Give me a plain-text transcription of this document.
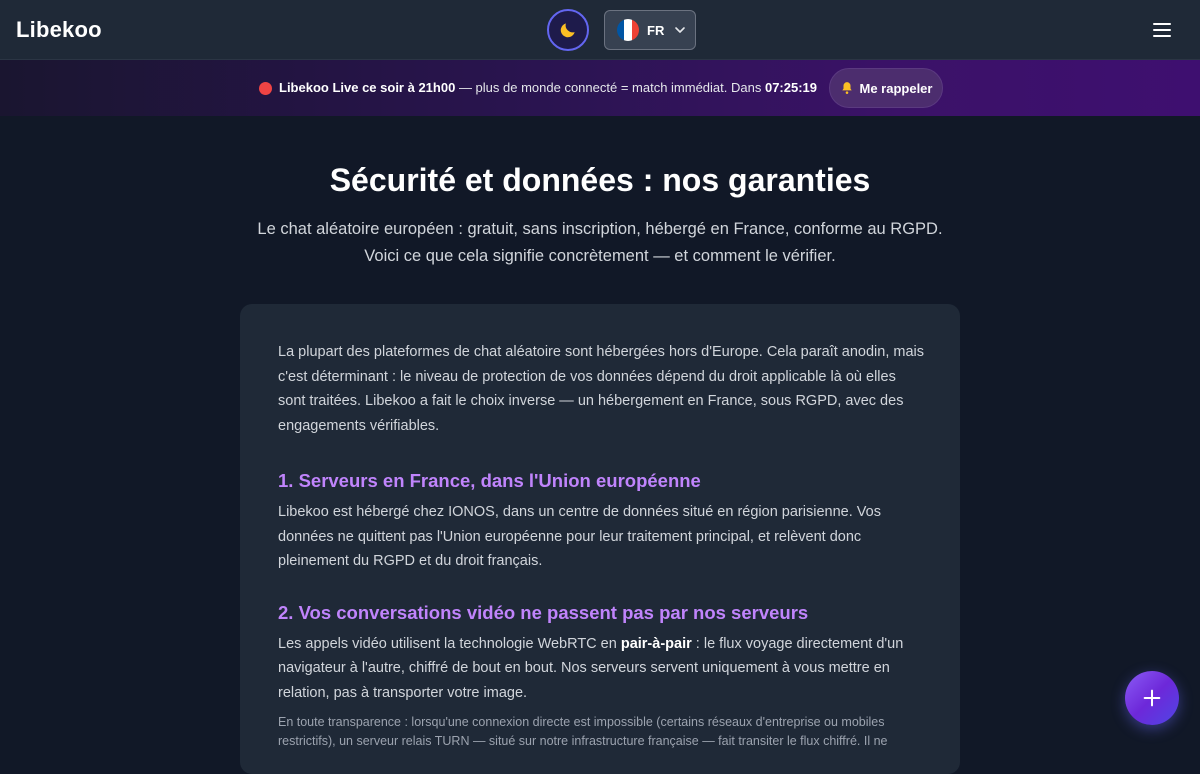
Libekoo	FR
Libekoo Live ce soir à 21h00 — plus de monde connecté = match immédiat. Dans 07:25:19	Me rappeler
Sécurité et données : nos garanties
Le chat aléatoire européen : gratuit, sans inscription, hébergé en France, conforme au RGPD.
Voici ce que cela signifie concrètement — et comment le vérifier.

La plupart des plateformes de chat aléatoire sont hébergées hors d'Europe. Cela paraît anodin, mais c'est déterminant : le niveau de protection de vos données dépend du droit applicable là où elles sont traitées. Libekoo a fait le choix inverse — un hébergement en France, sous RGPD, avec des engagements vérifiables.

1. Serveurs en France, dans l'Union européenne

Libekoo est hébergé chez IONOS, dans un centre de données situé en région parisienne. Vos données ne quittent pas l'Union européenne pour leur traitement principal, et relèvent donc pleinement du RGPD et du droit français.

2. Vos conversations vidéo ne passent pas par nos serveurs

Les appels vidéo utilisent la technologie WebRTC en pair-à-pair : le flux voyage directement d'un navigateur à l'autre, chiffré de bout en bout. Nos serveurs servent uniquement à vous mettre en relation, pas à transporter votre image.

En toute transparence : lorsqu'une connexion directe est impossible (certains réseaux d'entreprise ou mobiles restrictifs), un serveur relais TURN — situé sur notre infrastructure française — fait transiter le flux chiffré. Il ne
